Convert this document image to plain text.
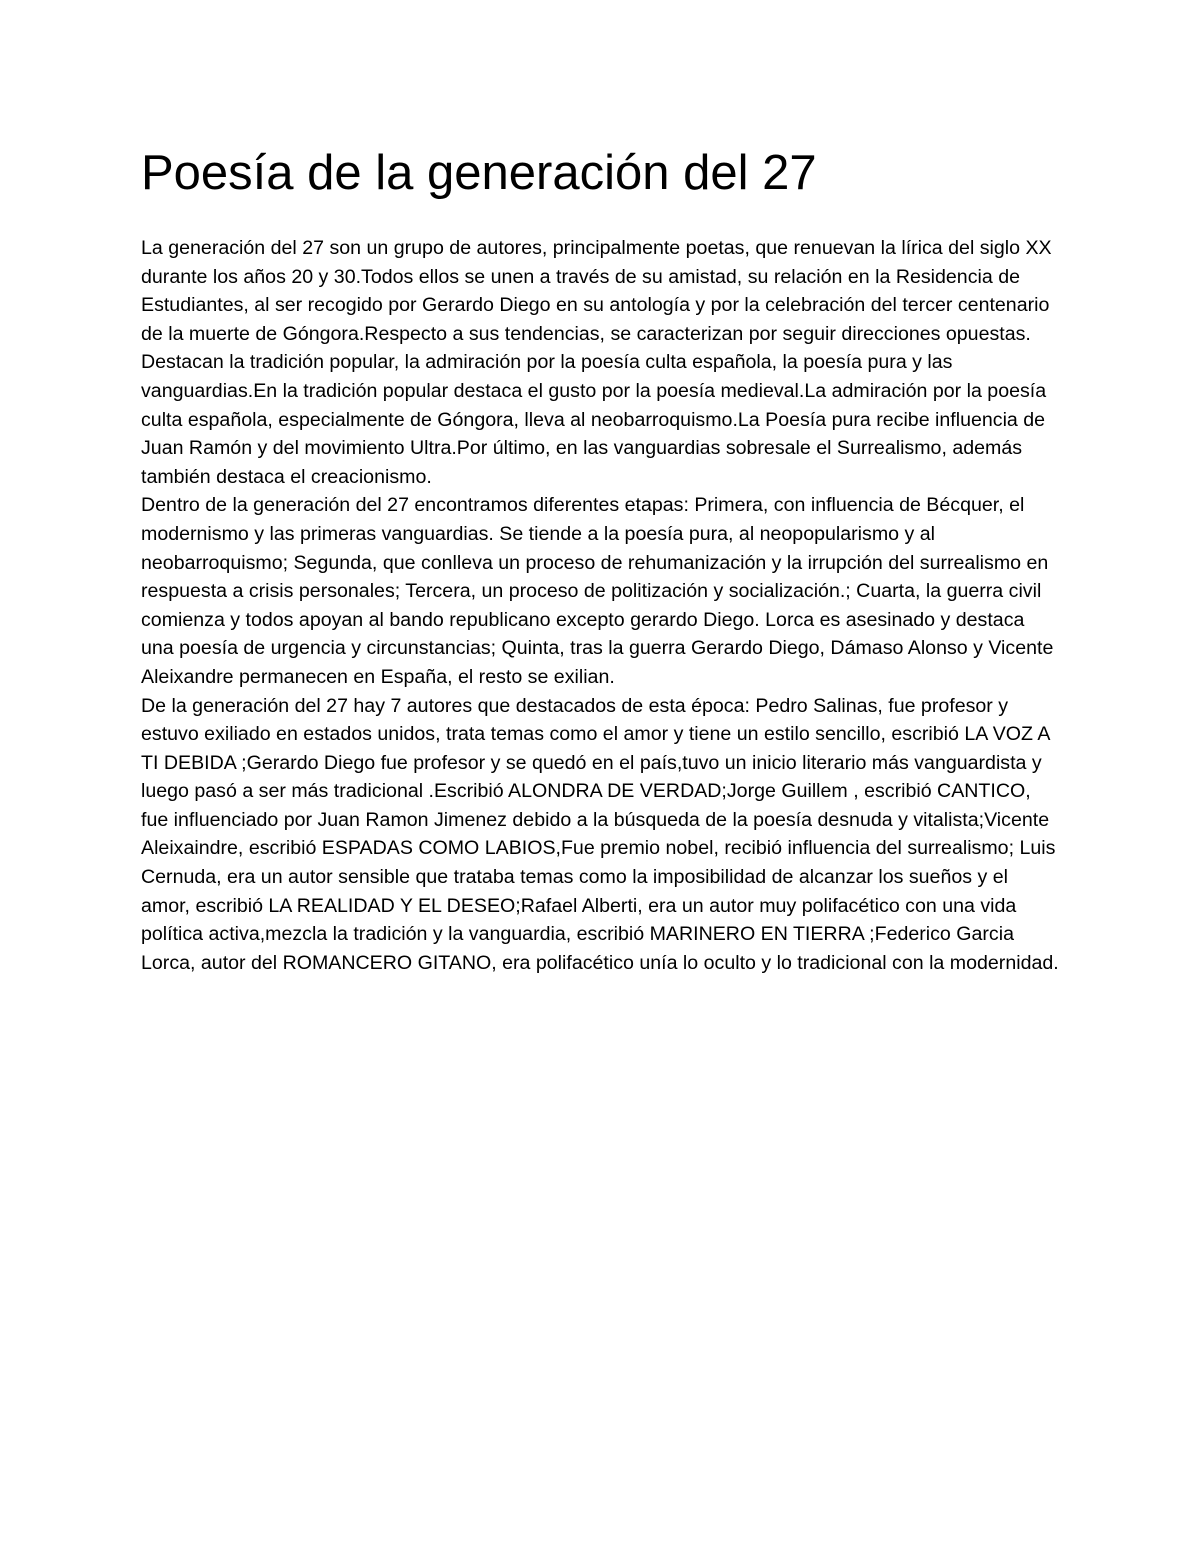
Poesía de la generación del 27

La generación del 27 son un grupo de autores, principalmente poetas, que renuevan la lírica del siglo XX durante los años 20 y 30.Todos ellos se unen a través de su amistad, su relación en la Residencia de Estudiantes, al ser recogido por Gerardo Diego en su antología y por la celebración del tercer centenario de la muerte de Góngora.Respecto a sus tendencias, se caracterizan por seguir direcciones opuestas. Destacan la tradición popular, la admiración por la poesía culta española, la poesía pura y las vanguardias.En la tradición popular destaca el gusto por la poesía medieval.La admiración por la poesía culta española, especialmente de Góngora, lleva al neobarroquismo.La Poesía pura recibe influencia de Juan Ramón y del movimiento Ultra.Por último, en las vanguardias sobresale el Surrealismo, además también destaca el creacionismo.

Dentro de la generación del 27 encontramos diferentes etapas: Primera, con influencia de Bécquer, el modernismo y las primeras vanguardias. Se tiende a la poesía pura, al neopopularismo y al neobarroquismo; Segunda, que conlleva un proceso de rehumanización y la irrupción del surrealismo en respuesta a crisis personales; Tercera, un proceso de politización y socialización.; Cuarta, la guerra civil comienza y todos apoyan al bando republicano excepto gerardo Diego. Lorca es asesinado y destaca una poesía de urgencia y circunstancias; Quinta, tras la guerra Gerardo Diego, Dámaso Alonso y Vicente Aleixandre permanecen en España, el resto se exilian.

De la generación del 27 hay 7 autores que destacados de esta época: Pedro Salinas, fue profesor y estuvo exiliado en estados unidos, trata temas como el amor y tiene un estilo sencillo, escribió LA VOZ A TI DEBIDA ;Gerardo Diego fue profesor y se quedó en el país,tuvo un inicio literario más vanguardista y luego pasó a ser más tradicional .Escribió ALONDRA DE VERDAD;Jorge Guillem , escribió CANTICO, fue influenciado por Juan Ramon Jimenez debido a la búsqueda de la poesía desnuda y vitalista;Vicente Aleixaindre, escribió ESPADAS COMO LABIOS,Fue premio nobel, recibió influencia del surrealismo; Luis Cernuda, era un autor sensible que trataba temas como la imposibilidad de alcanzar los sueños y el amor, escribió LA REALIDAD Y EL DESEO;Rafael Alberti, era un autor muy polifacético con una vida política activa,mezcla la tradición y la vanguardia, escribió MARINERO EN TIERRA ;Federico Garcia Lorca, autor del ROMANCERO GITANO, era polifacético unía lo oculto y lo tradicional con la modernidad.
